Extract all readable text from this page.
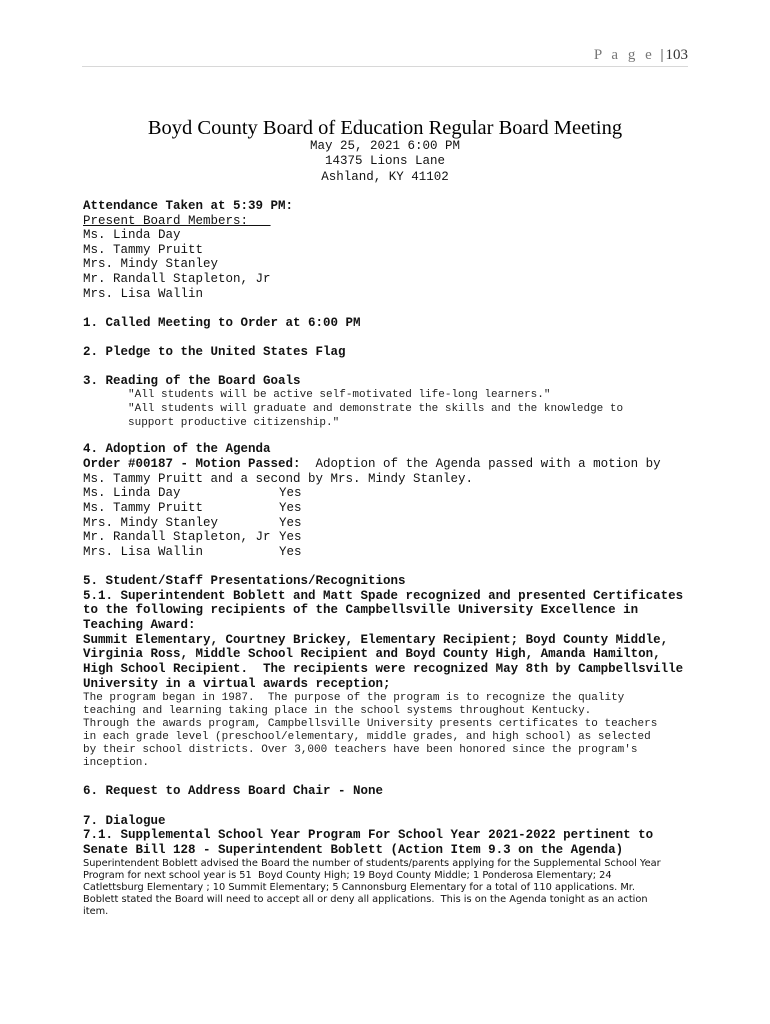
P a g e | 103
Boyd County Board of Education Regular Board Meeting
May 25, 2021 6:00 PM
14375 Lions Lane
Ashland, KY 41102
Attendance Taken at 5:39 PM:
Present Board Members:
Ms. Linda Day
Ms. Tammy Pruitt
Mrs. Mindy Stanley
Mr. Randall Stapleton, Jr
Mrs. Lisa Wallin
1. Called Meeting to Order at 6:00 PM
2. Pledge to the United States Flag
3. Reading of the Board Goals
"All students will be active self-motivated life-long learners."
"All students will graduate and demonstrate the skills and the knowledge to
support productive citizenship."
4. Adoption of the Agenda
Order #00187 - Motion Passed:  Adoption of the Agenda passed with a motion by
Ms. Tammy Pruitt and a second by Mrs. Mindy Stanley.
Ms. Linda Day	Yes
Ms. Tammy Pruitt	Yes
Mrs. Mindy Stanley	Yes
Mr. Randall Stapleton, Jr Yes
Mrs. Lisa Wallin	Yes
5. Student/Staff Presentations/Recognitions
5.1. Superintendent Boblett and Matt Spade recognized and presented Certificates
to the following recipients of the Campbellsville University Excellence in
Teaching Award:
Summit Elementary, Courtney Brickey, Elementary Recipient; Boyd County Middle,
Virginia Ross, Middle School Recipient and Boyd County High, Amanda Hamilton,
High School Recipient.  The recipients were recognized May 8th by Campbellsville
University in a virtual awards reception;
The program began in 1987.  The purpose of the program is to recognize the quality
teaching and learning taking place in the school systems throughout Kentucky.
Through the awards program, Campbellsville University presents certificates to teachers
in each grade level (preschool/elementary, middle grades, and high school) as selected
by their school districts. Over 3,000 teachers have been honored since the program's
inception.
6. Request to Address Board Chair - None
7. Dialogue
7.1. Supplemental School Year Program For School Year 2021-2022 pertinent to
Senate Bill 128 - Superintendent Boblett (Action Item 9.3 on the Agenda)
Superintendent Boblett advised the Board the number of students/parents applying for the Supplemental School Year
Program for next school year is 51  Boyd County High; 19 Boyd County Middle; 1 Ponderosa Elementary; 24
Catlettsburg Elementary ; 10 Summit Elementary; 5 Cannonsburg Elementary for a total of 110 applications. Mr.
Boblett stated the Board will need to accept all or deny all applications.  This is on the Agenda tonight as an action
item.
